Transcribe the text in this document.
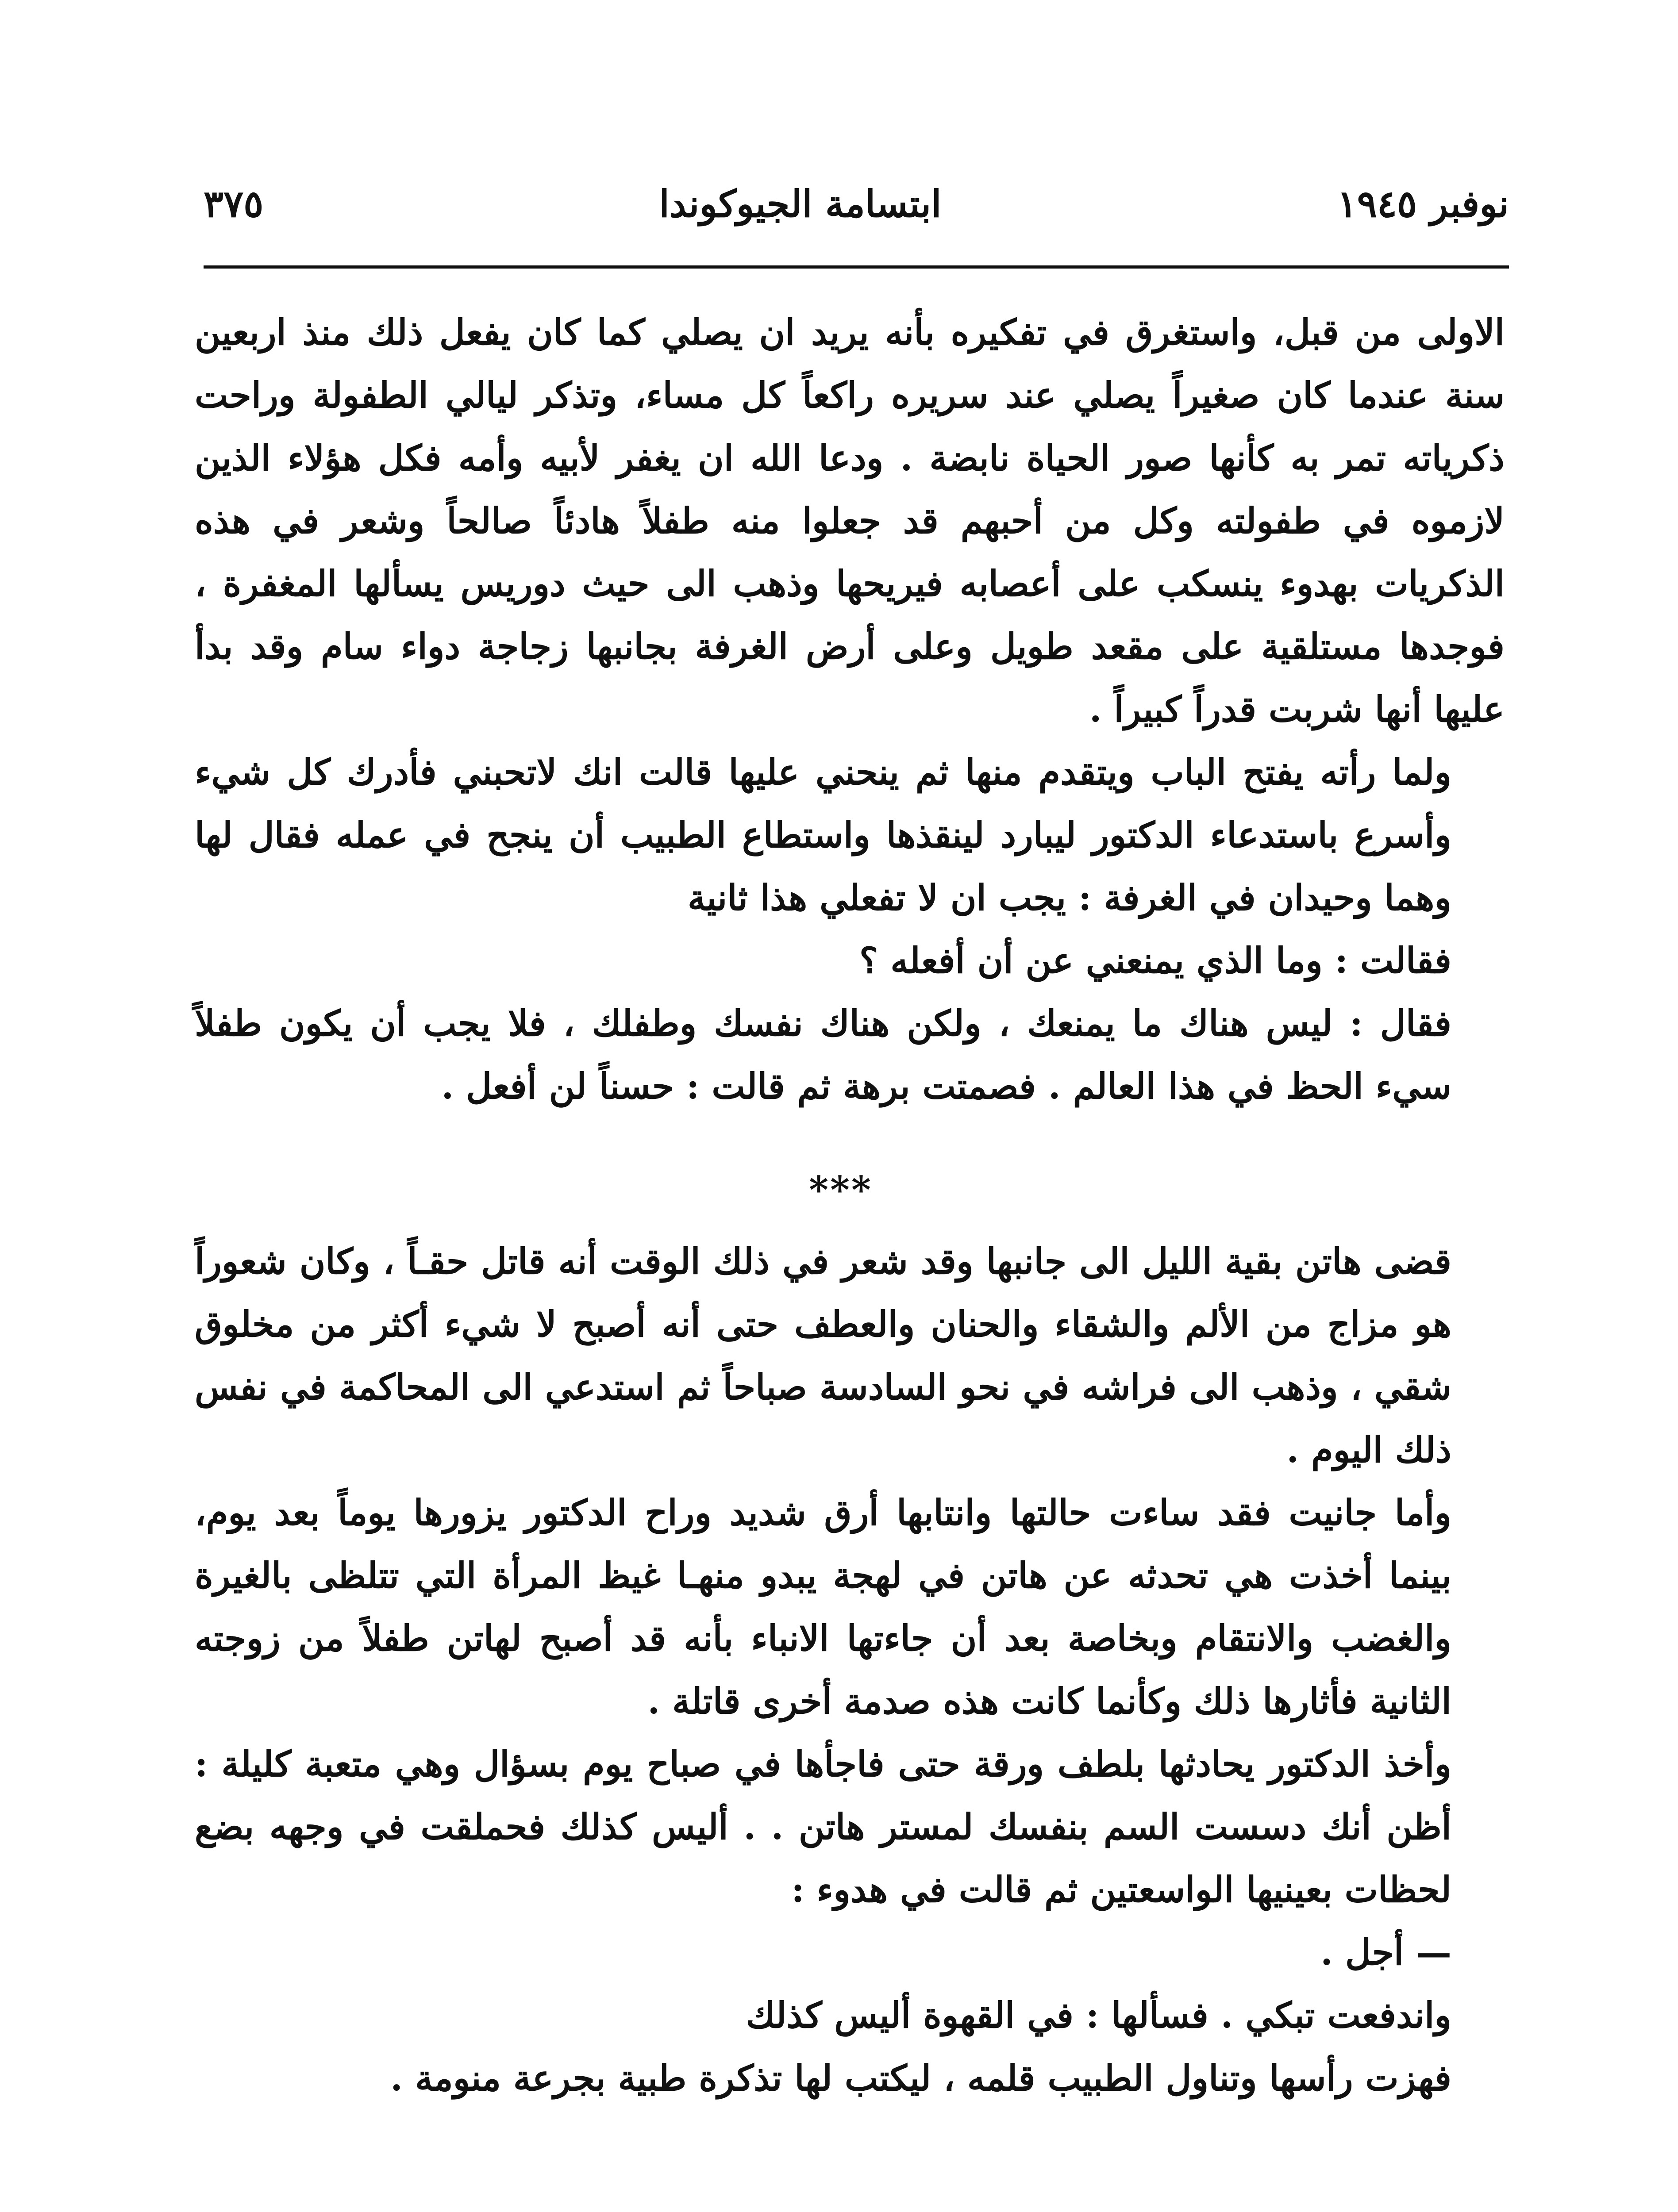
نوفبر ١٩٤٥
ابتسامة الجيوكوندا
٣٧٥

الاولى من قبل، واستغرق في تفكيره بأنه يريد ان يصلي كما كان يفعل ذلك منذ اربعين سنة عندما كان صغيراً يصلي عند سريره راكعاً كل مساء، وتذكر ليالي الطفولة وراحت ذكرياته تمر به كأنها صور الحياة نابضة . ودعا الله ان يغفر لأبيه وأمه فكل هؤلاء الذين لازموه في طفولته وكل من أحبهم قد جعلوا منه طفلاً هادئاً صالحاً وشعر في هذه الذكريات بهدوء ينسكب على أعصابه فيريحها وذهب الى حيث دوريس يسألها المغفرة ، فوجدها مستلقية على مقعد طويل وعلى أرض الغرفة بجانبها زجاجة دواء سام وقد بدأ عليها أنها شربت قدراً كبيراً .

ولما رأته يفتح الباب ويتقدم منها ثم ينحني عليها قالت انك لاتحبني فأدرك كل شيء وأسرع باستدعاء الدكتور ليبارد لينقذها واستطاع الطبيب أن ينجح في عمله فقال لها وهما وحيدان في الغرفة : يجب ان لا تفعلي هذا ثانية

فقالت : وما الذي يمنعني عن أن أفعله ؟

فقال : ليس هناك ما يمنعك ، ولكن هناك نفسك وطفلك ، فلا يجب أن يكون طفلاً سيء الحظ في هذا العالم . فصمتت برهة ثم قالت : حسناً لن أفعل .

***

قضى هاتن بقية الليل الى جانبها وقد شعر في ذلك الوقت أنه قاتل حقـاً ، وكان شعوراً هو مزاج من الألم والشقاء والحنان والعطف حتى أنه أصبح لا شيء أكثر من مخلوق شقي ، وذهب الى فراشه في نحو السادسة صباحاً ثم استدعي الى المحاكمة في نفس ذلك اليوم .

وأما جانيت فقد ساءت حالتها وانتابها أرق شديد وراح الدكتور يزورها يوماً بعد يوم، بينما أخذت هي تحدثه عن هاتن في لهجة يبدو منهـا غيظ المرأة التي تتلظى بالغيرة والغضب والانتقام وبخاصة بعد أن جاءتها الانباء بأنه قد أصبح لهاتن طفلاً من زوجته الثانية فأثارها ذلك وكأنما كانت هذه صدمة أخرى قاتلة .

وأخذ الدكتور يحادثها بلطف ورقة حتى فاجأها في صباح يوم بسؤال وهي متعبة كليلة : أظن أنك دسست السم بنفسك لمستر هاتن . . أليس كذلك فحملقت في وجهه بضع لحظات بعينيها الواسعتين ثم قالت في هدوء :

— أجل .

واندفعت تبكي . فسألها : في القهوة أليس كذلك

فهزت رأسها وتناول الطبيب قلمه ، ليكتب لها تذكرة طبية بجرعة منومة .
